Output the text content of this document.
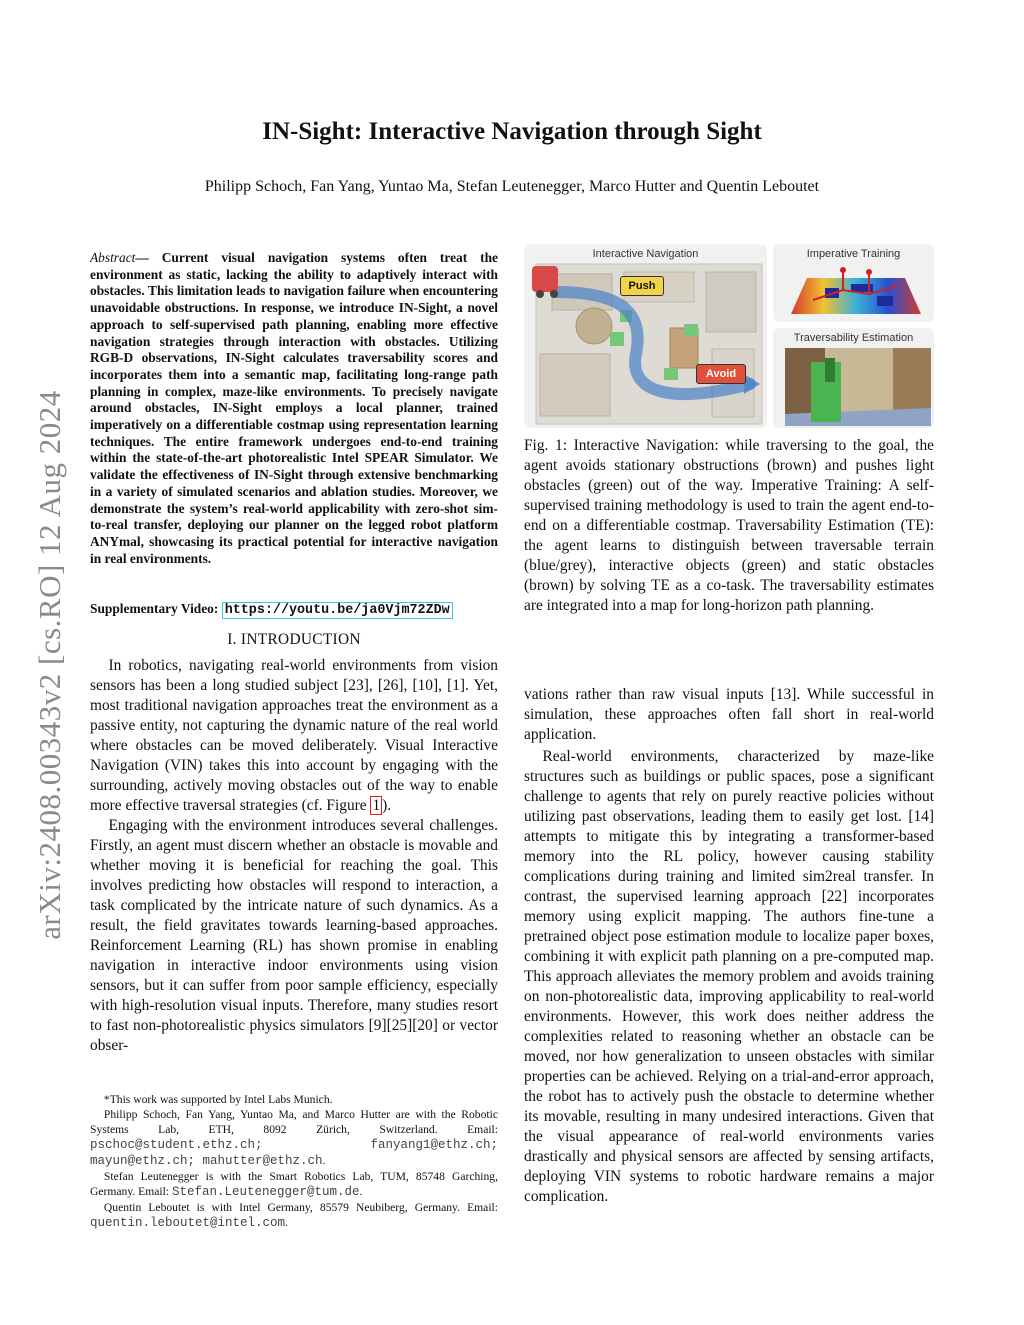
arXiv:2408.00343v2 [cs.RO] 12 Aug 2024
IN-Sight: Interactive Navigation through Sight
Philipp Schoch, Fan Yang, Yuntao Ma, Stefan Leutenegger, Marco Hutter and Quentin Leboutet
Abstract— Current visual navigation systems often treat the environment as static, lacking the ability to adaptively interact with obstacles. This limitation leads to navigation failure when encountering unavoidable obstructions. In response, we introduce IN-Sight, a novel approach to self-supervised path planning, enabling more effective navigation strategies through interaction with obstacles. Utilizing RGB-D observations, IN-Sight calculates traversability scores and incorporates them into a semantic map, facilitating long-range path planning in complex, maze-like environments. To precisely navigate around obstacles, IN-Sight employs a local planner, trained imperatively on a differentiable costmap using representation learning techniques. The entire framework undergoes end-to-end training within the state-of-the-art photorealistic Intel SPEAR Simulator. We validate the effectiveness of IN-Sight through extensive benchmarking in a variety of simulated scenarios and ablation studies. Moreover, we demonstrate the system’s real-world applicability with zero-shot sim-to-real transfer, deploying our planner on the legged robot platform ANYmal, showcasing its practical potential for interactive navigation in real environments.
Supplementary Video: https://youtu.be/ja0Vjm72ZDw
I. INTRODUCTION

In robotics, navigating real-world environments from vision sensors has been a long studied subject [23], [26], [10], [1]. Yet, most traditional navigation approaches treat the environment as a passive entity, not capturing the dynamic nature of the real world where obstacles can be moved deliberately. Visual Interactive Navigation (VIN) takes this into account by engaging with the surrounding, actively moving obstacles out of the way to enable more effective traversal strategies (cf. Figure 1 ).

Engaging with the environment introduces several challenges. Firstly, an agent must discern whether an obstacle is movable and whether moving it is beneficial for reaching the goal. This involves predicting how obstacles will respond to interaction, a task complicated by the intricate nature of such dynamics. As a result, the field gravitates towards learning-based approaches. Reinforcement Learning (RL) has shown promise in enabling navigation in interactive indoor environments using vision sensors, but it can suffer from poor sample efficiency, especially with high-resolution visual inputs. Therefore, many studies resort to fast non-photorealistic physics simulators [9][25][20] or vector obser-

*This work was supported by Intel Labs Munich.

Philipp Schoch, Fan Yang, Yuntao Ma, and Marco Hutter are with the Robotic Systems Lab, ETH, 8092 Zürich, Switzerland. Email: pschoc@student.ethz.ch; fanyang1@ethz.ch; mayun@ethz.ch; mahutter@ethz.ch.

Stefan Leutenegger is with the Smart Robotics Lab, TUM, 85748 Garching, Germany. Email: Stefan.Leutenegger@tum.de.

Quentin Leboutet is with Intel Germany, 85579 Neubiberg, Germany. Email: quentin.leboutet@intel.com.

Interactive Navigation
Push
Avoid
Imperative Training
Traversability Estimation
Fig. 1: Interactive Navigation: while traversing to the goal, the agent avoids stationary obstructions (brown) and pushes light obstacles (green) out of the way. Imperative Training: A self-supervised training methodology is used to train the agent end-to-end on a differentiable costmap. Traversability Estimation (TE): the agent learns to distinguish between traversable terrain (blue/grey), interactive objects (green) and static obstacles (brown) by solving TE as a co-task. The traversability estimates are integrated into a map for long-horizon path planning.

vations rather than raw visual inputs [13]. While successful in simulation, these approaches often fall short in real-world application.

Real-world environments, characterized by maze-like structures such as buildings or public spaces, pose a significant challenge to agents that rely on purely reactive policies without utilizing past observations, leading them to easily get lost. [14] attempts to mitigate this by integrating a transformer-based memory into the RL policy, however causing stability complications during training and limited sim2real transfer. In contrast, the supervised learning approach [22] incorporates memory using explicit mapping. The authors fine-tune a pretrained object pose estimation module to localize paper boxes, combining it with explicit path planning on a pre-computed map. This approach alleviates the memory problem and avoids training on non-photorealistic data, improving applicability to real-world environments. However, this work does neither address the complexities related to reasoning whether an obstacle can be moved, nor how generalization to unseen obstacles with similar properties can be achieved. Relying on a trial-and-error approach, the robot has to actively push the obstacle to determine whether its movable, resulting in many undesired interactions. Given that the visual appearance of real-world environments varies drastically and physical sensors are affected by sensing artifacts, deploying VIN systems to robotic hardware remains a major complication.
